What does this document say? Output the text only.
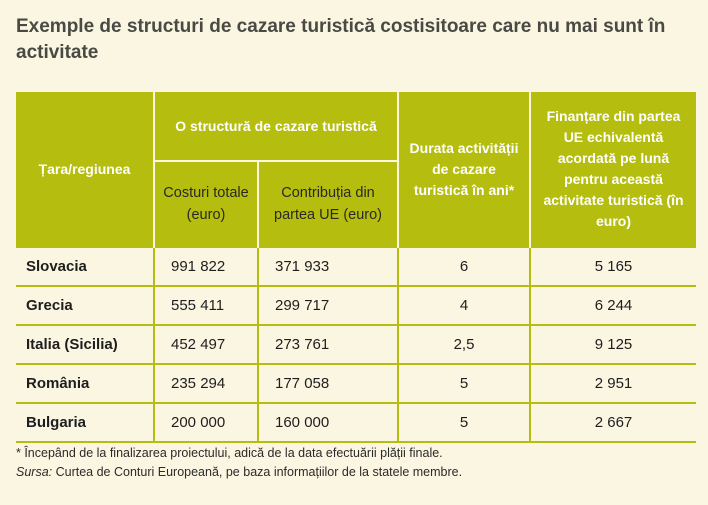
Exemple de structuri de cazare turistică costisitoare care nu mai sunt în activitate
Țara/regiunea	O structură de cazare turistică		Durata activității de cazare turistică în ani*	Finanțare din partea UE echivalentă acordată pe lună pentru această activitate turistică (în euro)
	Costuri totale (euro)	Contribuția din partea UE (euro)		
Slovacia	991 822	371 933	6	5 165
Grecia	555 411	299 717	4	6 244
Italia (Sicilia)	452 497	273 761	2,5	9 125
România	235 294	177 058	5	2 951
Bulgaria	200 000	160 000	5	2 667
* Începând de la finalizarea proiectului, adică de la data efectuării plății finale.
Sursa: Curtea de Conturi Europeană, pe baza informațiilor de la statele membre.
